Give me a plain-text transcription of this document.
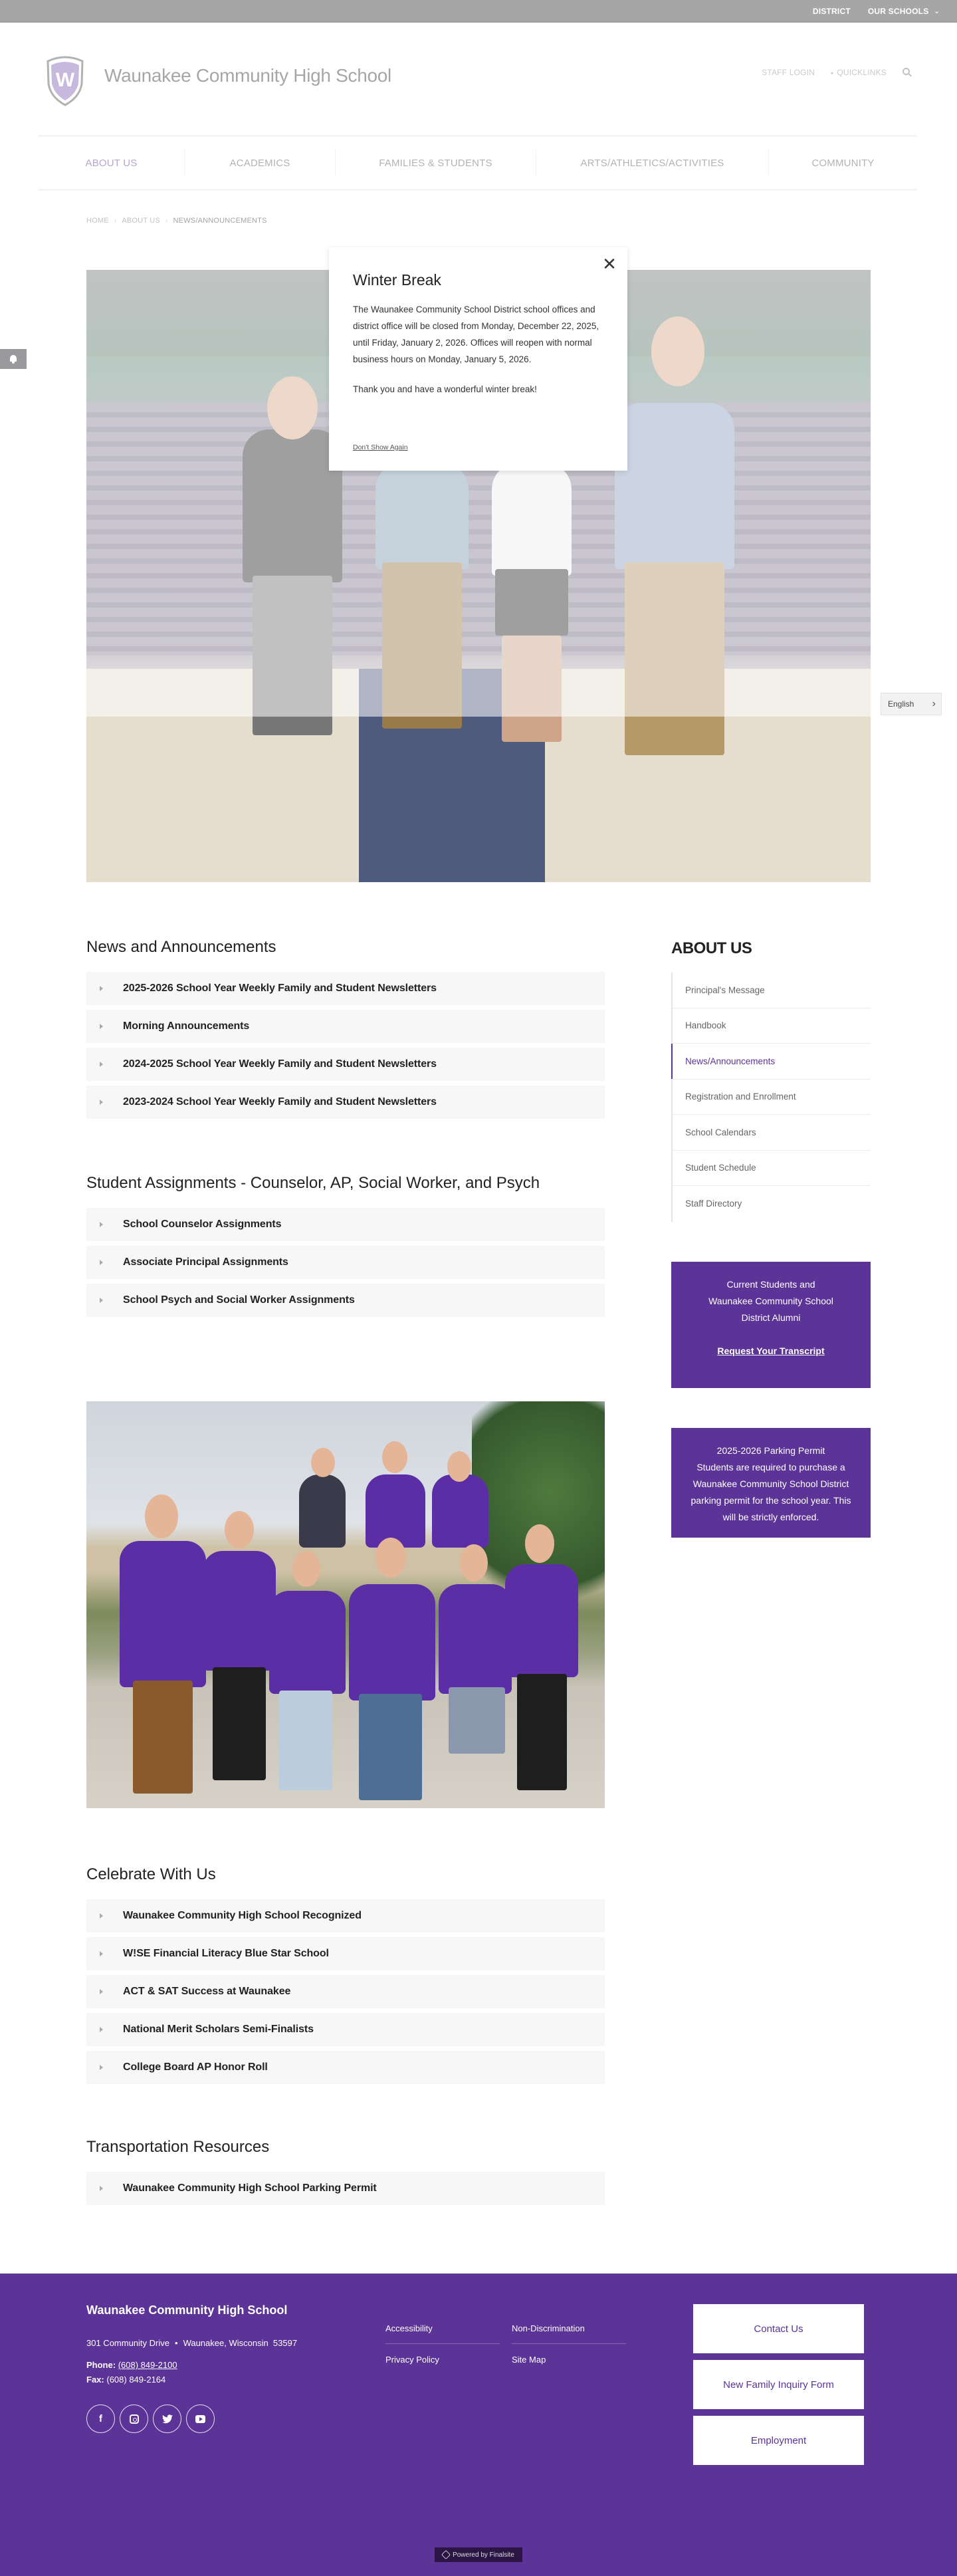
English ›
✕
Winter Break

The Waunakee Community School District school offices and district office will be closed from Monday, December 22, 2025, until Friday, January 2, 2026. Offices will reopen with normal business hours on Monday, January 5, 2026.

Thank you and have a wonderful winter break!

Don't Show Again
News and Announcements
2025-2026 School Year Weekly Family and Student Newsletters
Morning Announcements
2024-2025 School Year Weekly Family and Student Newsletters
2023-2024 School Year Weekly Family and Student Newsletters
Student Assignments - Counselor, AP, Social Worker, and Psych
School Counselor Assignments
Associate Principal Assignments
School Psych and Social Worker Assignments
Celebrate With Us
Waunakee Community High School Recognized
W!SE Financial Literacy Blue Star School
ACT & SAT Success at Waunakee
National Merit Scholars Semi-Finalists
College Board AP Honor Roll
Transportation Resources
Waunakee Community High School Parking Permit
ABOUT US
Principal's Message
Handbook
News/Announcements
Registration and Enrollment
School Calendars
Student Schedule
Staff Directory
Current Students and Waunakee Community School District Alumni
Request Your Transcript
2025-2026 Parking Permit
Students are required to purchase a Waunakee Community School District parking permit for the school year. This will be strictly enforced.
Waunakee Community High School
301 Community Drive • Waunakee, Wisconsin  53597
Phone: (608) 849-2100
Fax: (608) 849-2164
f
Accessibility	Non-Discrimination
Privacy Policy	Site Map
Contact Us
New Family Inquiry Form
Employment
Powered by Finalsite
